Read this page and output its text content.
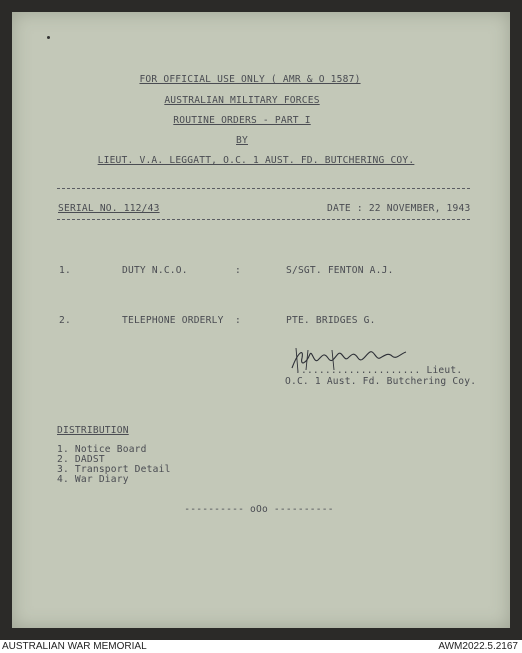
FOR OFFICIAL USE ONLY ( AMR & O 1587)
AUSTRALIAN MILITARY FORCES
ROUTINE ORDERS - PART I
BY
LIEUT. V.A. LEGGATT, O.C. 1 AUST. FD. BUTCHERING COY.
SERIAL NO. 112/43	DATE : 22 NOVEMBER, 1943
1.	DUTY N.C.O.	:	S/SGT. FENTON A.J.
2.	TELEPHONE ORDERLY :	PTE. BRIDGES G.
..................... Lieut.
O.C. 1 Aust. Fd. Butchering Coy.
DISTRIBUTION
1. Notice Board
2. DADST
3. Transport Detail
4. War Diary
---------- oOo ----------
AUSTRALIAN WAR MEMORIAL	AWM2022.5.2167
